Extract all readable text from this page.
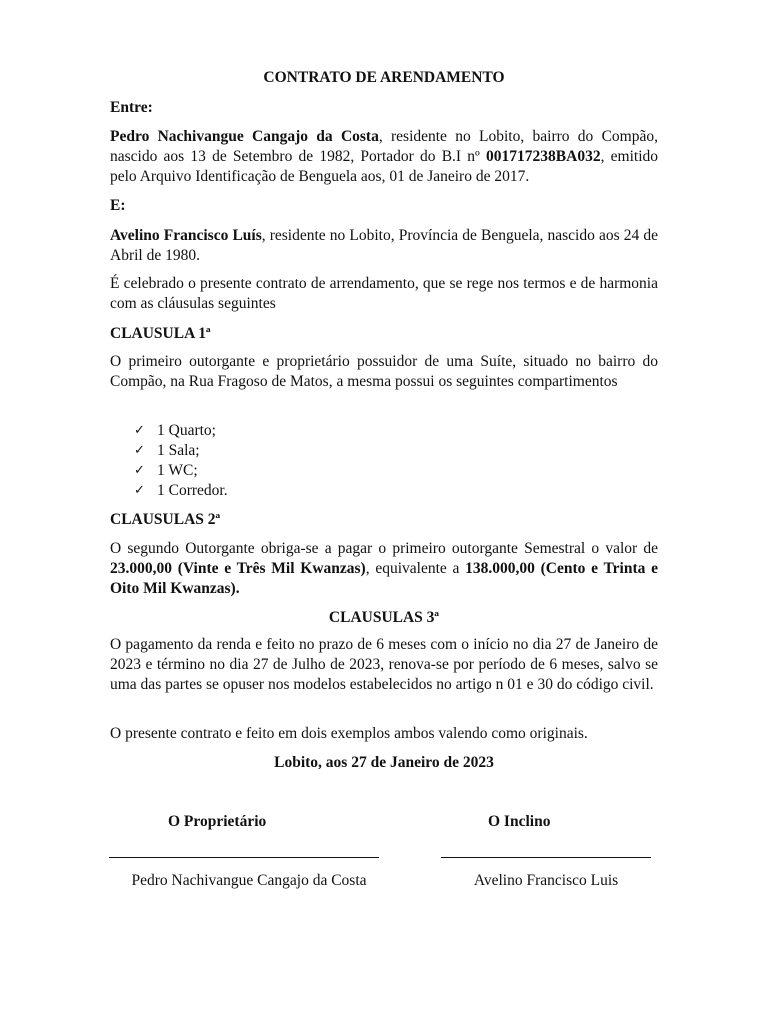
CONTRATO DE ARENDAMENTO
Entre:
Pedro Nachivangue Cangajo da Costa, residente no Lobito, bairro do Compão, nascido aos 13 de Setembro de 1982, Portador do B.I nº 001717238BA032, emitido pelo Arquivo Identificação de Benguela aos, 01 de Janeiro de 2017.
E:
Avelino Francisco Luís, residente no Lobito, Província de Benguela, nascido aos 24 de Abril de 1980.
É celebrado o presente contrato de arrendamento, que se rege nos termos e de harmonia com as cláusulas seguintes
CLAUSULA 1ª
O primeiro outorgante e proprietário possuidor de uma Suíte, situado no bairro do Compão, na Rua Fragoso de Matos, a mesma possui os seguintes compartimentos
✓ 1 Quarto;
✓ 1 Sala;
✓ 1 WC;
✓ 1 Corredor.
CLAUSULAS 2ª
O segundo Outorgante obriga-se a pagar o primeiro outorgante Semestral o valor de 23.000,00 (Vinte e Três Mil Kwanzas), equivalente a 138.000,00 (Cento e Trinta e Oito Mil Kwanzas).
CLAUSULAS 3ª
O pagamento da renda e feito no prazo de 6 meses com o início no dia 27 de Janeiro de 2023 e término no dia 27 de Julho de 2023, renova-se por período de 6 meses, salvo se uma das partes se opuser nos modelos estabelecidos no artigo n 01 e 30 do código civil.
O presente contrato e feito em dois exemplos ambos valendo como originais.
Lobito, aos 27 de Janeiro de 2023
O Proprietário	O Inclino
Pedro Nachivangue Cangajo da Costa	Avelino Francisco Luis
